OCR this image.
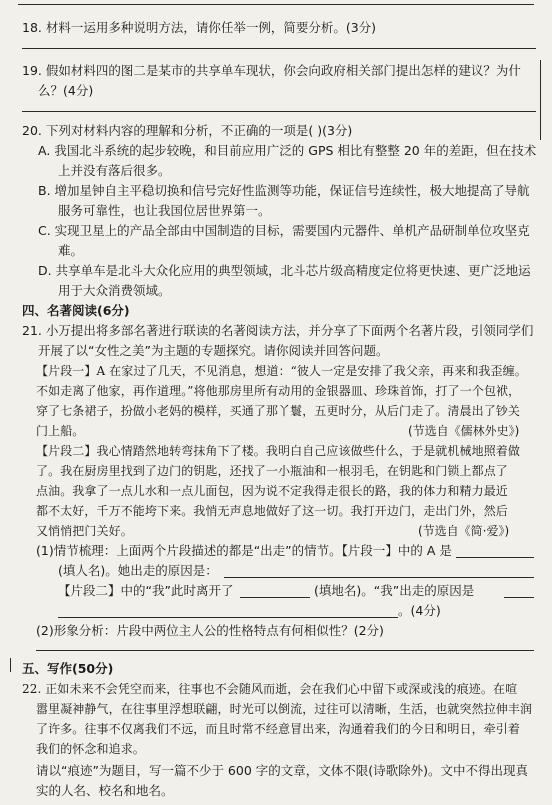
18. 材料一运用多种说明方法，请你任举一例，简要分析。(3分)
19. 假如材料四的图二是某市的共享单车现状，你会向政府相关部门提出怎样的建议？为什
么？(4分)
20. 下列对材料内容的理解和分析，不正确的一项是( )(3分)
A. 我国北斗系统的起步较晚，和目前应用广泛的 GPS 相比有整整 20 年的差距，但在技术
上并没有落后很多。
B. 增加星钟自主平稳切换和信号完好性监测等功能，保证信号连续性，极大地提高了导航
服务可靠性，也让我国位居世界第一。
C. 实现卫星上的产品全部由中国制造的目标，需要国内元器件、单机产品研制单位攻坚克
难。
D. 共享单车是北斗大众化应用的典型领域，北斗芯片级高精度定位将更快速、更广泛地运
用于大众消费领域。
四、名著阅读(6分)
21. 小万提出将多部名著进行联读的名著阅读方法，并分享了下面两个名著片段，引领同学们
开展了以“女性之美”为主题的专题探究。请你阅读并回答问题。
【片段一】A 在家过了几天，不见消息，想道：“彼人一定是安排了我父亲，再来和我歪缠。
不如走离了他家，再作道理。”将他那房里所有动用的金银器皿、珍珠首饰，打了一个包袱，
穿了七条裙子，扮做小老妈的模样，买通了那丫鬟，五更时分，从后门走了。清晨出了钞关
门上船。	(节选自《儒林外史》)
【片段二】我心情踏然地转弯抹角下了楼。我明白自己应该做些什么，于是就机械地照着做
了。我在厨房里找到了边门的钥匙，还找了一小瓶油和一根羽毛，在钥匙和门锁上都点了
点油。我拿了一点儿水和一点儿面包，因为说不定我得走很长的路，我的体力和精力最近
都不太好，千万不能垮下来。我悄无声息地做好了这一切。我打开边门，走出门外，然后
又悄悄把门关好。	(节选自《简·爱》)
(1)情节梳理：上面两个片段描述的都是“出走”的情节。【片段一】中的 A 是
(填人名)。她出走的原因是：
【片段二】中的“我”此时离开了	(填地名)。“我”出走的原因是
。(4分)
(2)形象分析：片段中两位主人公的性格特点有何相似性？(2分)
五、写作(50分)
22. 正如未来不会凭空而来，往事也不会随风而逝，会在我们心中留下或深或浅的痕迹。在喧
嚣里凝神静气，在往事里浮想联翩，时光可以倒流，过往可以清晰，生活，也就突然拉伸丰润
了许多。往事不仅离我们不远，而且时常不经意冒出来，沟通着我们的今日和明日，牵引着
我们的怀念和追求。
请以“痕迹”为题目，写一篇不少于 600 字的文章，文体不限(诗歌除外)。文中不得出现真
实的人名、校名和地名。
